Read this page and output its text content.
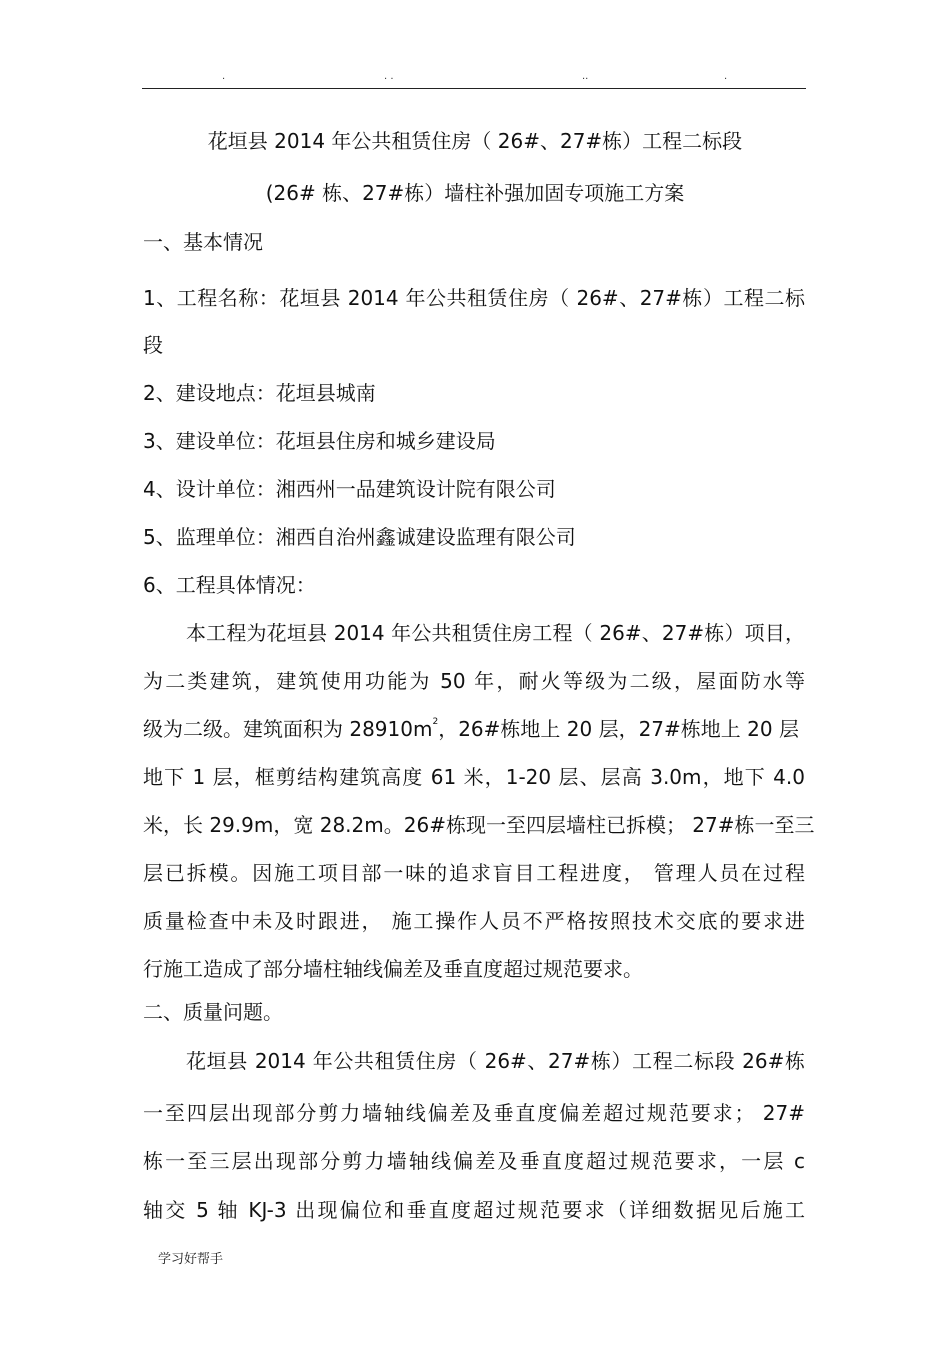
.	. .	..	.
花垣县 2014 年公共租赁住房（ 26#、27#栋）工程二标段
(26# 栋、27#栋）墙柱补强加固专项施工方案
一、基本情况
1、工程名称：花垣县 2014 年公共租赁住房（ 26#、27#栋）工程二标
段
2、建设地点：花垣县城南
3、建设单位：花垣县住房和城乡建设局
4、设计单位：湘西州一品建筑设计院有限公司
5、监理单位：湘西自治州鑫诚建设监理有限公司
6、工程具体情况：
本工程为花垣县 2014 年公共租赁住房工程（ 26#、27#栋）项目，
为二类建筑，建筑使用功能为 50 年，耐火等级为二级，屋面防水等
级为二级。建筑面积为 $28910m^2$，26#栋地上 20 层，27#栋地上 20 层
地下 1 层，框剪结构建筑高度 61 米，1-20 层、层高 3.0m，地下 4.0
米，长 29.9m，宽 28.2m。26#栋现一至四层墙柱已拆模； 27#栋一至三
层已拆模。因施工项目部一味的追求盲目工程进度， 管理人员在过程
质量检查中未及时跟进， 施工操作人员不严格按照技术交底的要求进
行施工造成了部分墙柱轴线偏差及垂直度超过规范要求。
二、质量问题。
花垣县 2014 年公共租赁住房（ 26#、27#栋）工程二标段 26#栋
一至四层出现部分剪力墙轴线偏差及垂直度偏差超过规范要求； 27#
栋一至三层出现部分剪力墙轴线偏差及垂直度超过规范要求，一层 c
轴交 5 轴 KJ-3 出现偏位和垂直度超过规范要求（详细数据见后施工
学习好帮手
